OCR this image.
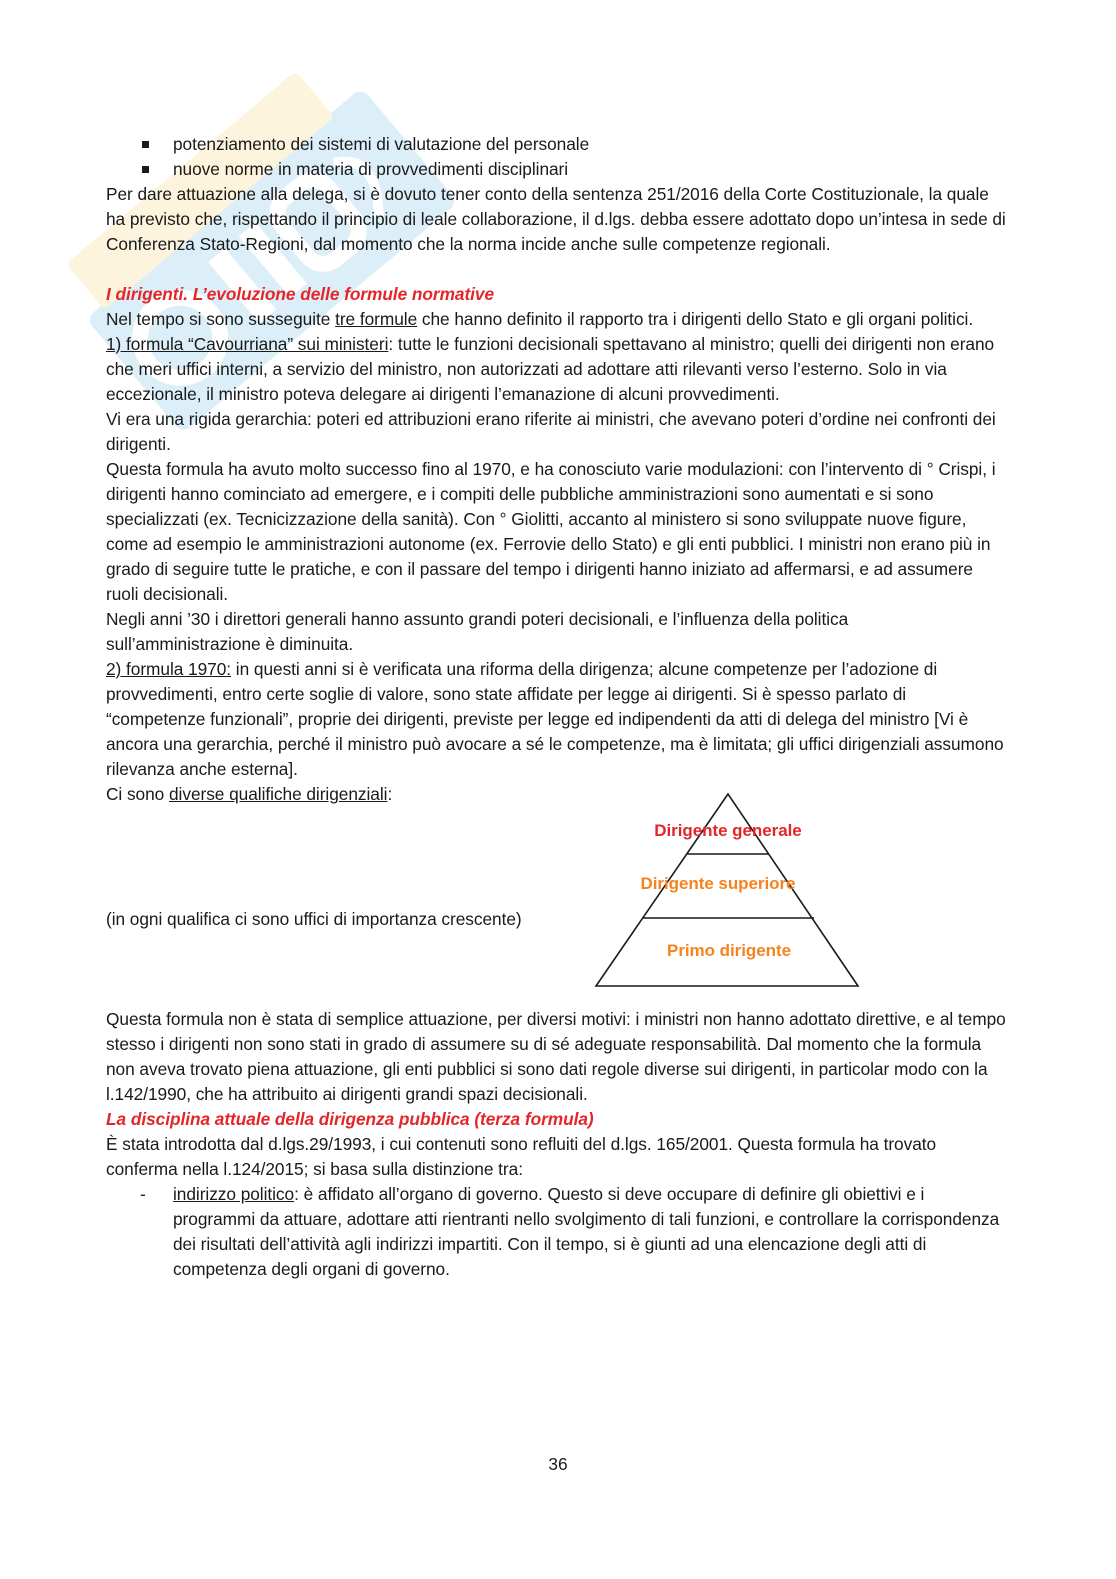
potenziamento dei sistemi di valutazione del personale

nuove norme in materia di provvedimenti disciplinari

Per dare attuazione alla delega, si è dovuto tener conto della sentenza 251/2016 della Corte Costituzionale, la quale ha previsto che, rispettando il principio di leale collaborazione, il d.lgs. debba essere adottato dopo un’intesa in sede di Conferenza Stato-Regioni, dal momento che la norma incide anche sulle competenze regionali.

I dirigenti. L’evoluzione delle formule normative

Nel tempo si sono susseguite tre formule che hanno definito il rapporto tra i dirigenti dello Stato e gli organi politici.

1) formula “Cavourriana” sui ministeri: tutte le funzioni decisionali spettavano al ministro; quelli dei dirigenti non erano che meri uffici interni, a servizio del ministro, non autorizzati ad adottare atti rilevanti verso l’esterno. Solo in via eccezionale, il ministro poteva delegare ai dirigenti l’emanazione di alcuni provvedimenti.

Vi era una rigida gerarchia: poteri ed attribuzioni erano riferite ai ministri, che avevano poteri d’ordine nei confronti dei dirigenti.

Questa formula ha avuto molto successo fino al 1970, e ha conosciuto varie modulazioni: con l’intervento di ° Crispi, i dirigenti hanno cominciato ad emergere, e i compiti delle pubbliche amministrazioni sono aumentati e si sono specializzati (ex. Tecnicizzazione della sanità). Con ° Giolitti, accanto al ministero si sono sviluppate nuove figure, come ad esempio le amministrazioni autonome (ex. Ferrovie dello Stato) e gli enti pubblici. I ministri non erano più in grado di seguire tutte le pratiche, e con il passare del tempo i dirigenti hanno iniziato ad affermarsi, e ad assumere ruoli decisionali.

Negli anni ’30 i direttori generali hanno assunto grandi poteri decisionali, e l’influenza della politica sull’amministrazione è diminuita.

2) formula 1970: in questi anni si è verificata una riforma della dirigenza; alcune competenze per l’adozione di provvedimenti, entro certe soglie di valore, sono state affidate per legge ai dirigenti. Si è spesso parlato di “competenze funzionali”, proprie dei dirigenti, previste per legge ed indipendenti da atti di delega del ministro [Vi è ancora una gerarchia, perché il ministro può avocare a sé le competenze, ma è limitata; gli uffici dirigenziali assumono rilevanza anche esterna].

Ci sono diverse qualifiche dirigenziali:

(in ogni qualifica ci sono uffici di importanza crescente)

Dirigente generale
Dirigente superiore
Primo dirigente

Questa formula non è stata di semplice attuazione, per diversi motivi: i ministri non hanno adottato direttive, e al tempo stesso i dirigenti non sono stati in grado di assumere su di sé adeguate responsabilità. Dal momento che la formula non aveva trovato piena attuazione, gli enti pubblici si sono dati regole diverse sui dirigenti, in particolar modo con la l.142/1990, che ha attribuito ai dirigenti grandi spazi decisionali.

La disciplina attuale della dirigenza pubblica (terza formula)

È stata introdotta dal d.lgs.29/1993, i cui contenuti sono refluiti del d.lgs. 165/2001. Questa formula ha trovato conferma nella l.124/2015; si basa sulla distinzione tra:

- indirizzo politico: è affidato all’organo di governo. Questo si deve occupare di definire gli obiettivi e i programmi da attuare, adottare atti rientranti nello svolgimento di tali funzioni, e controllare la corrispondenza dei risultati dell’attività agli indirizzi impartiti. Con il tempo, si è giunti ad una elencazione degli atti di competenza degli organi di governo.

36
